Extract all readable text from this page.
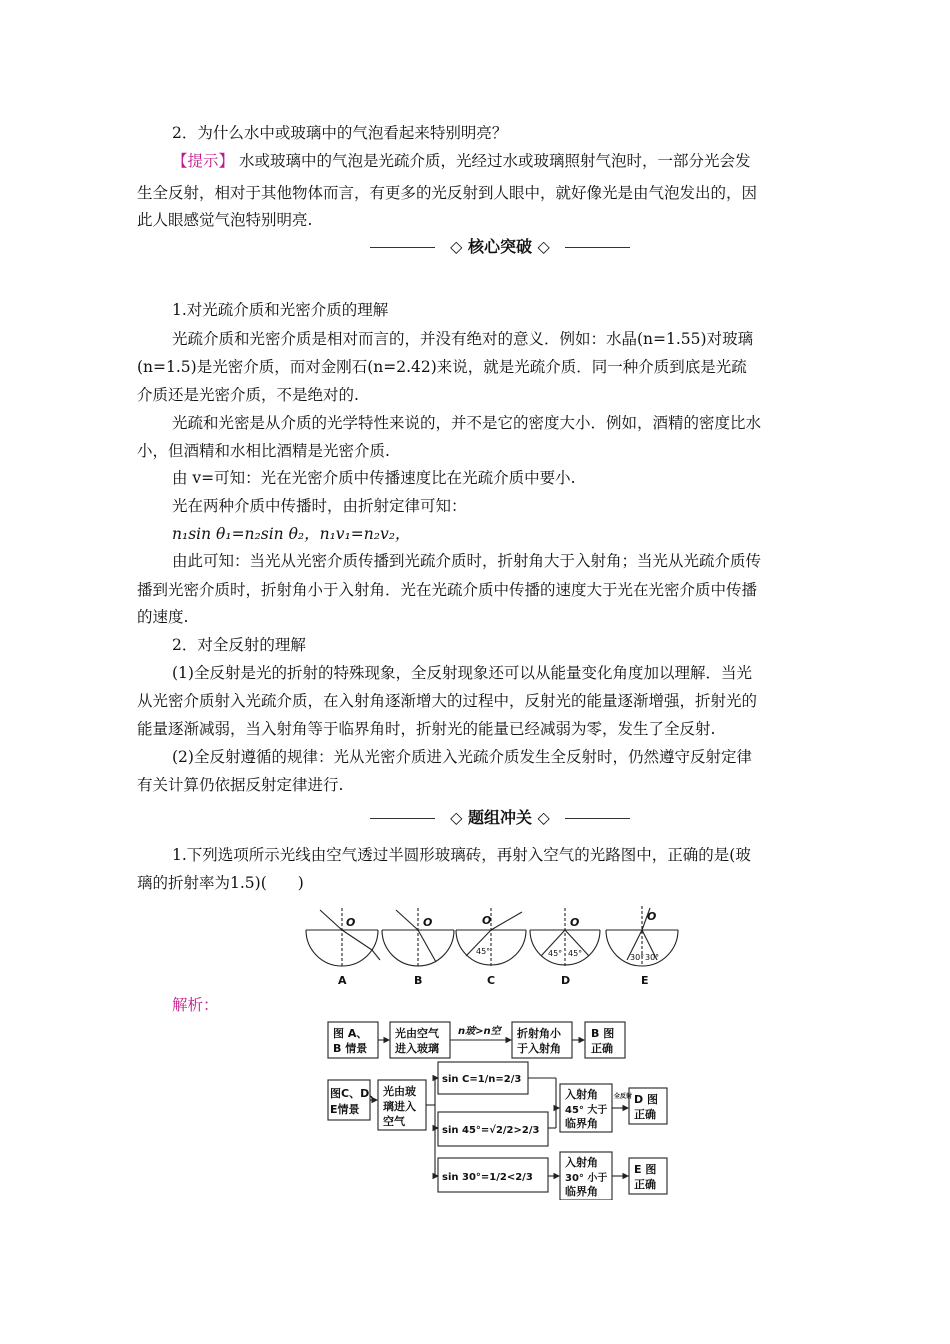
2．为什么水中或玻璃中的气泡看起来特别明亮？
【提示】 水或玻璃中的气泡是光疏介质，光经过水或玻璃照射气泡时，一部分光会发
生全反射，相对于其他物体而言，有更多的光反射到人眼中，就好像光是由气泡发出的，因
此人眼感觉气泡特别明亮.
◇ 核心突破 ◇
1.对光疏介质和光密介质的理解
光疏介质和光密介质是相对而言的，并没有绝对的意义．例如：水晶(n=1.55)对玻璃
(n=1.5)是光密介质，而对金刚石(n=2.42)来说，就是光疏介质．同一种介质到底是光疏
介质还是光密介质，不是绝对的.
光疏和光密是从介质的光学特性来说的，并不是它的密度大小．例如，酒精的密度比水
小，但酒精和水相比酒精是光密介质.
由 v=可知：光在光密介质中传播速度比在光疏介质中要小.
光在两种介质中传播时，由折射定律可知：
n₁sin θ₁=n₂sin θ₂，n₁v₁=n₂v₂，
由此可知：当光从光密介质传播到光疏介质时，折射角大于入射角；当光从光疏介质传
播到光密介质时，折射角小于入射角．光在光疏介质中传播的速度大于光在光密介质中传播
的速度.
2．对全反射的理解
(1)全反射是光的折射的特殊现象，全反射现象还可以从能量变化角度加以理解．当光
从光密介质射入光疏介质，在入射角逐渐增大的过程中，反射光的能量逐渐增强，折射光的
能量逐渐减弱，当入射角等于临界角时，折射光的能量已经减弱为零，发生了全反射.
(2)全反射遵循的规律：光从光密介质进入光疏介质发生全反射时，仍然遵守反射定律
有关计算仍依据反射定律进行.
◇ 题组冲关 ◇
1.下列选项所示光线由空气透过半圆形玻璃砖，再射入空气的光路图中，正确的是(玻
璃的折射率为1.5)(　　)
O	O	O	O	O
45°	45° 45°	30° 30°
A	B	C	D	E
解析：
图 A、
B 情景
光由空气
进入玻璃
n玻>n空 折射角小
于入射角
B 图
正确
图C、D、
E情景
光由玻
璃进入
空气
sin C=1/n=2/3
sin 45°=√2/2>2/3
sin 30°=1/2<2/3
入射角
45° 大于
临界角
全反射 D 图
正确
入射角
30° 小于
临界角
E 图
正确
